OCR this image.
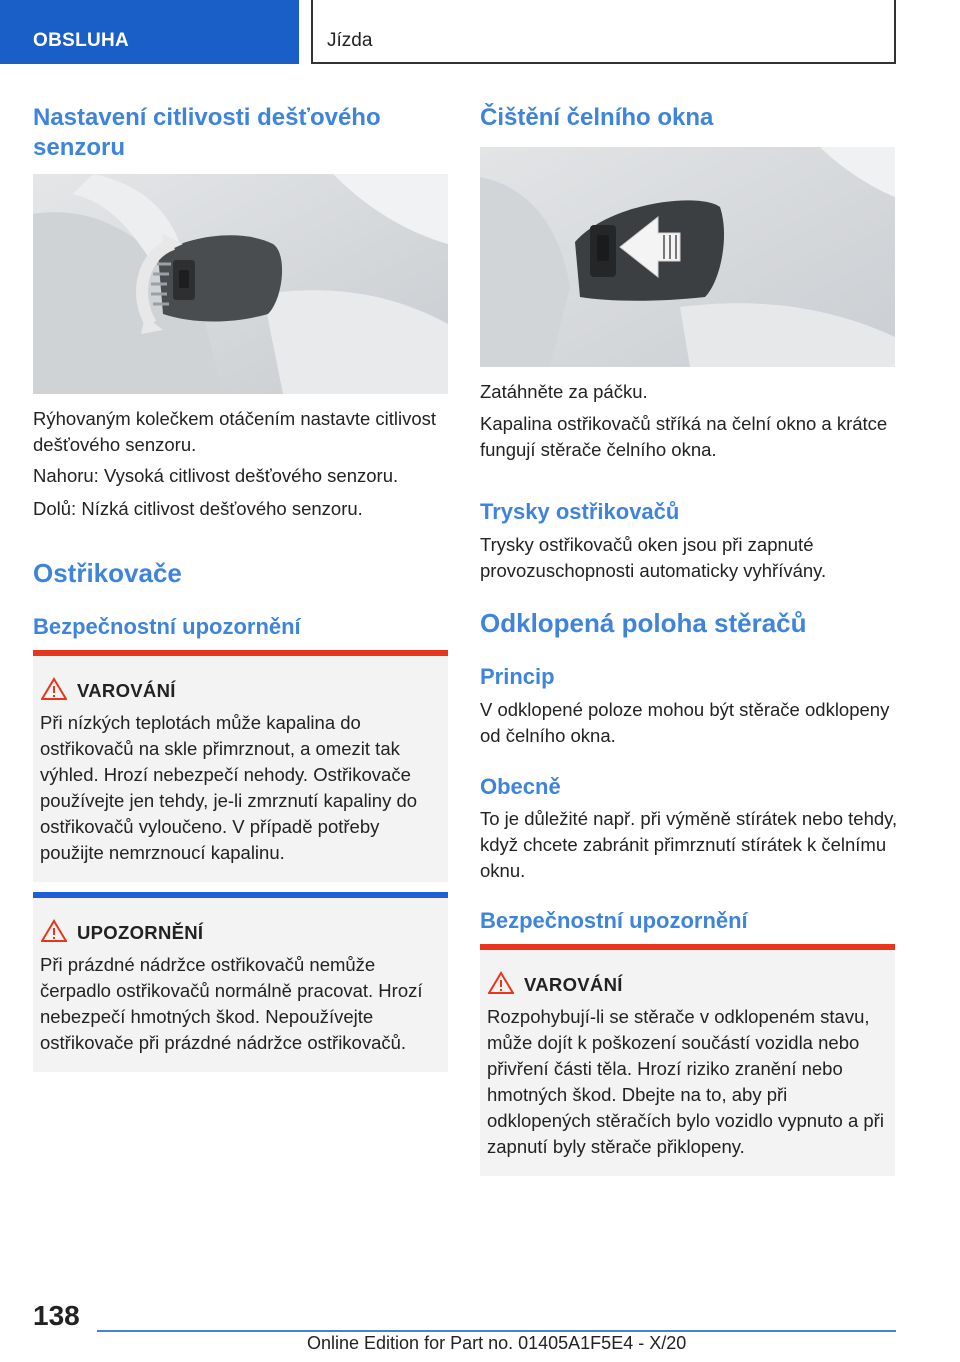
OBSLUHA	Jízda
Nastavení citlivosti dešťového senzoru
Rýhovaným kolečkem otáčením nastavte citlivost dešťového senzoru.
Nahoru: Vysoká citlivost dešťového senzoru.
Dolů: Nízká citlivost dešťového senzoru.
Ostřikovače
Bezpečnostní upozornění
VAROVÁNÍ
Při nízkých teplotách může kapalina do ostřikovačů na skle přimrznout, a omezit tak výhled. Hrozí nebezpečí nehody. Ostřikovače používejte jen tehdy, je-li zmrznutí kapaliny do ostřikovačů vyloučeno. V případě potřeby použijte nemrznoucí kapalinu.
UPOZORNĚNÍ
Při prázdné nádržce ostřikovačů nemůže čerpadlo ostřikovačů normálně pracovat. Hrozí nebezpečí hmotných škod. Nepoužívejte ostřikovače při prázdné nádržce ostřikovačů.
Čištění čelního okna
Zatáhněte za páčku.
Kapalina ostřikovačů stříká na čelní okno a krátce fungují stěrače čelního okna.
Trysky ostřikovačů
Trysky ostřikovačů oken jsou při zapnuté provozuschopnosti automaticky vyhřívány.
Odklopená poloha stěračů
Princip
V odklopené poloze mohou být stěrače odklopeny od čelního okna.
Obecně
To je důležité např. při výměně stírátek nebo tehdy, když chcete zabránit přimrznutí stírátek k čelnímu oknu.
Bezpečnostní upozornění
VAROVÁNÍ
Rozpohybují-li se stěrače v odklopeném stavu, může dojít k poškození součástí vozidla nebo přivření části těla. Hrozí riziko zranění nebo hmotných škod. Dbejte na to, aby při odklopených stěračích bylo vozidlo vypnuto a při zapnutí byly stěrače přiklopeny.
138
Online Edition for Part no. 01405A1F5E4 - X/20
